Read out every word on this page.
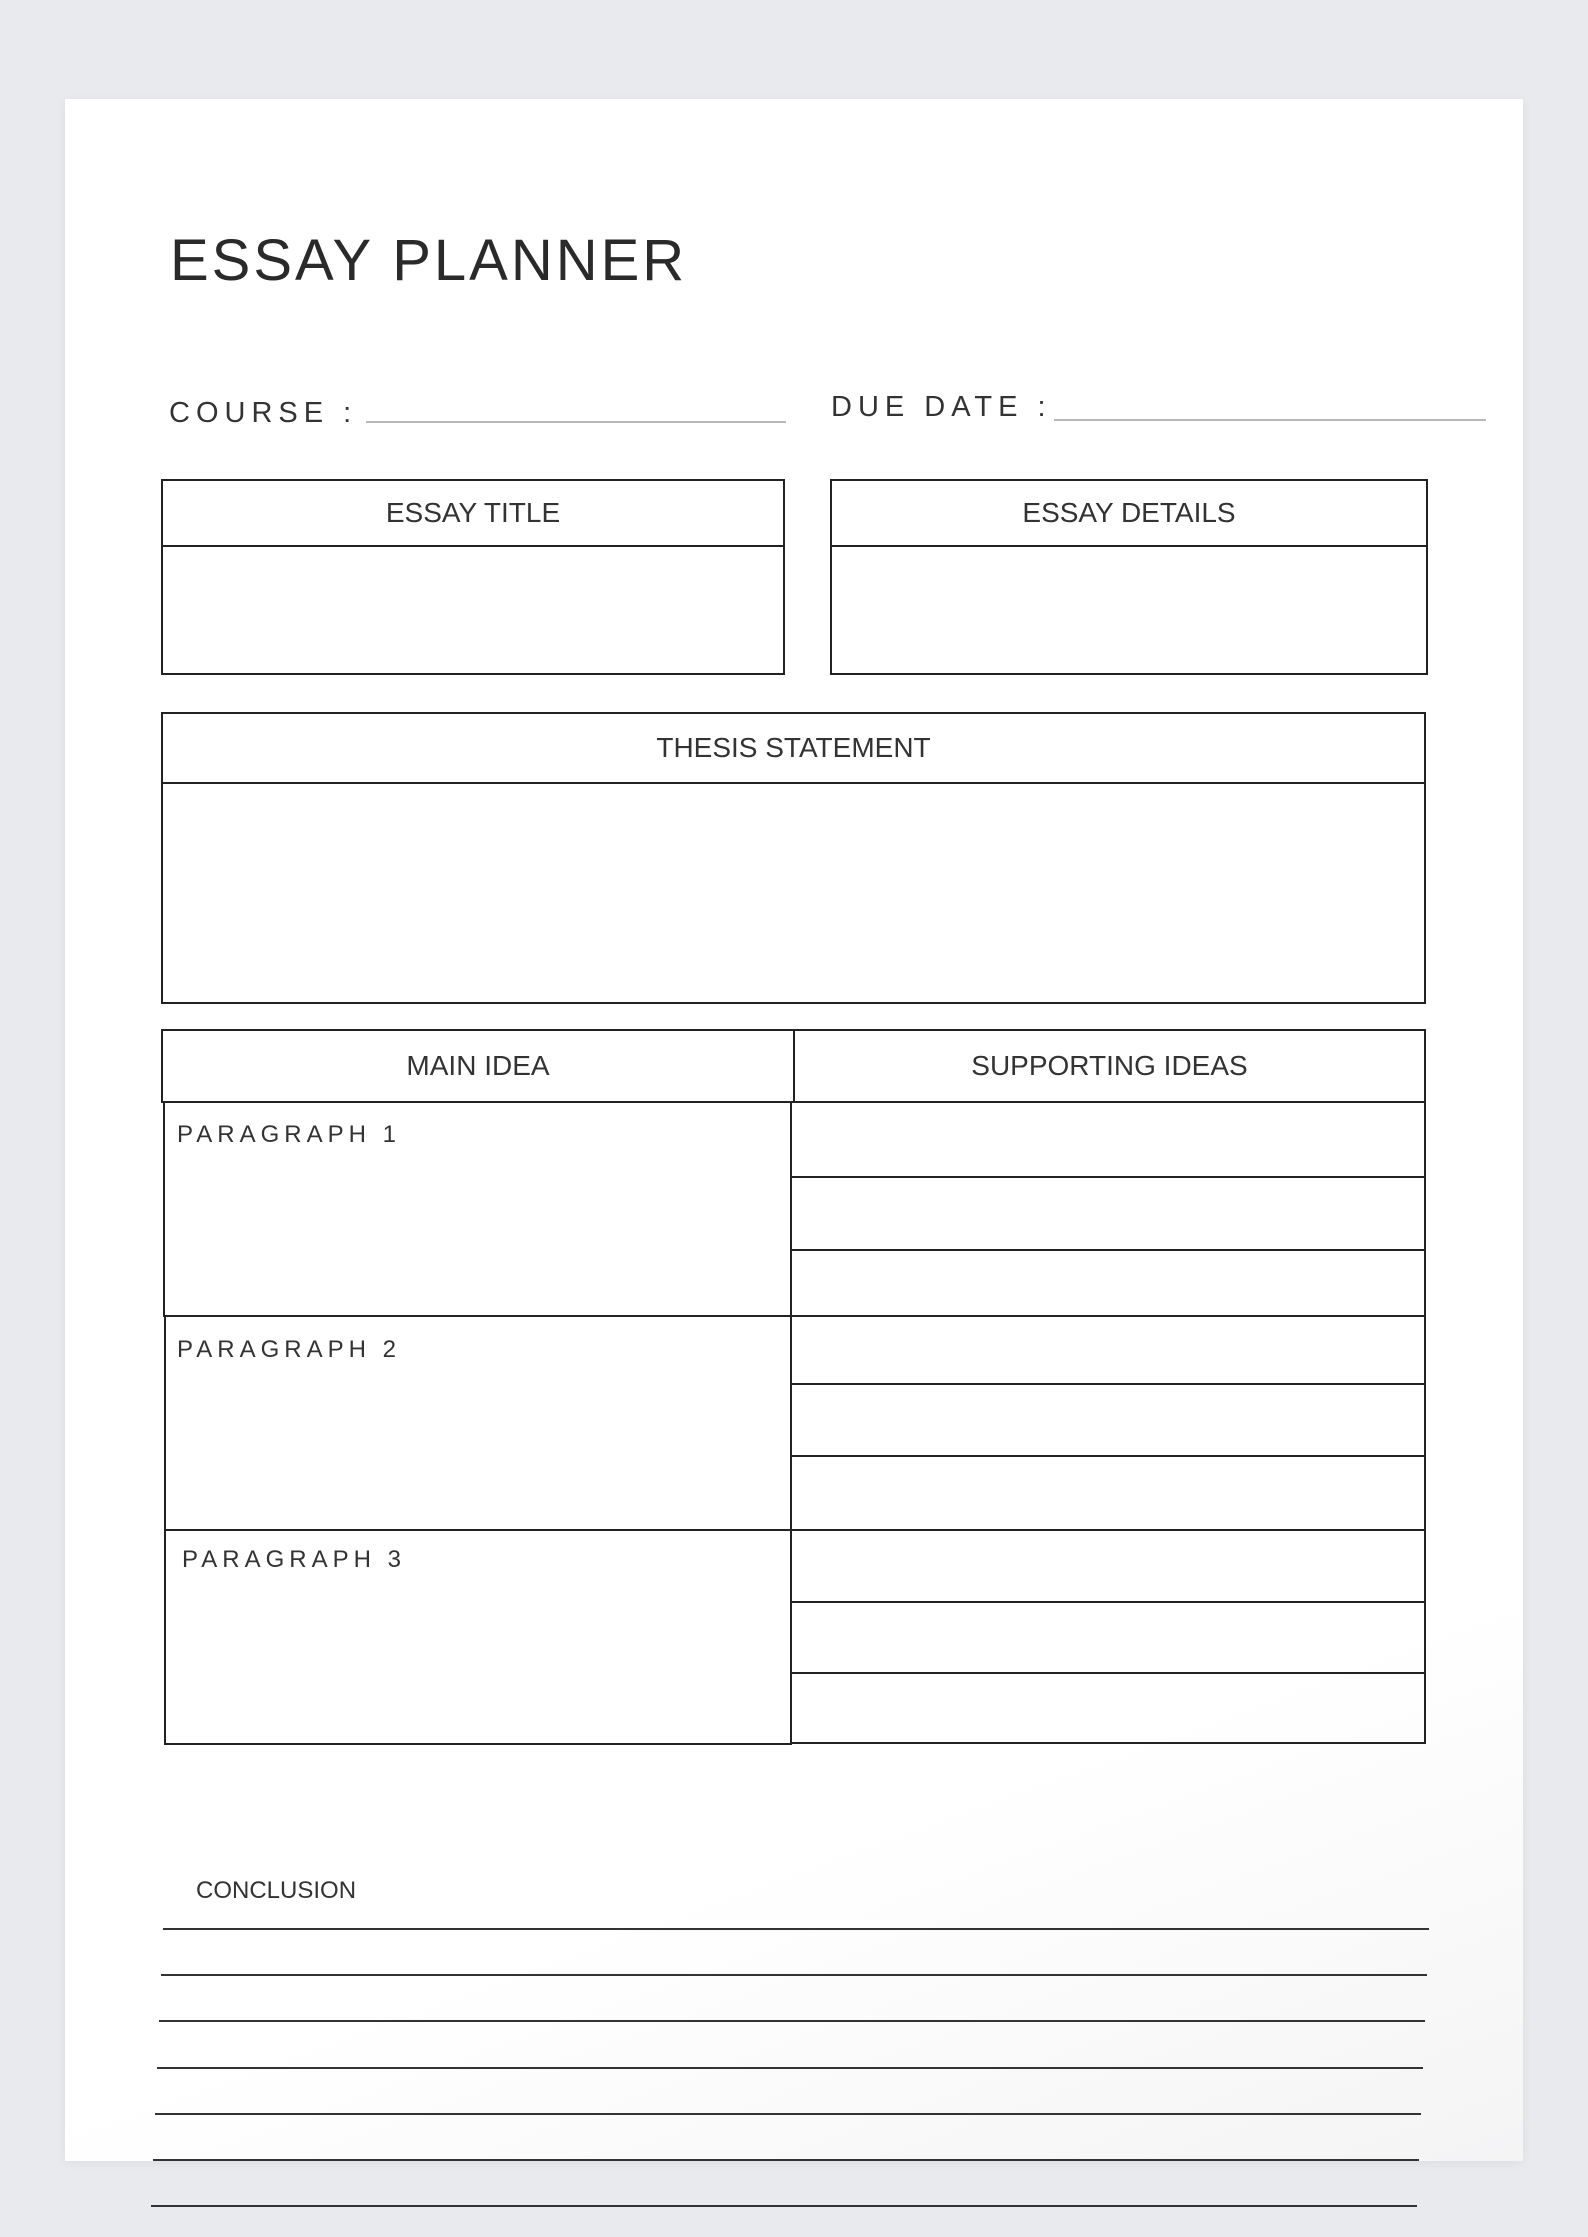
ESSAY PLANNER
COURSE :	DUE DATE :
ESSAY TITLE	ESSAY DETAILS
THESIS STATEMENT
MAIN IDEA	SUPPORTING IDEAS
PARAGRAPH 1
PARAGRAPH 2
PARAGRAPH 3
CONCLUSION
